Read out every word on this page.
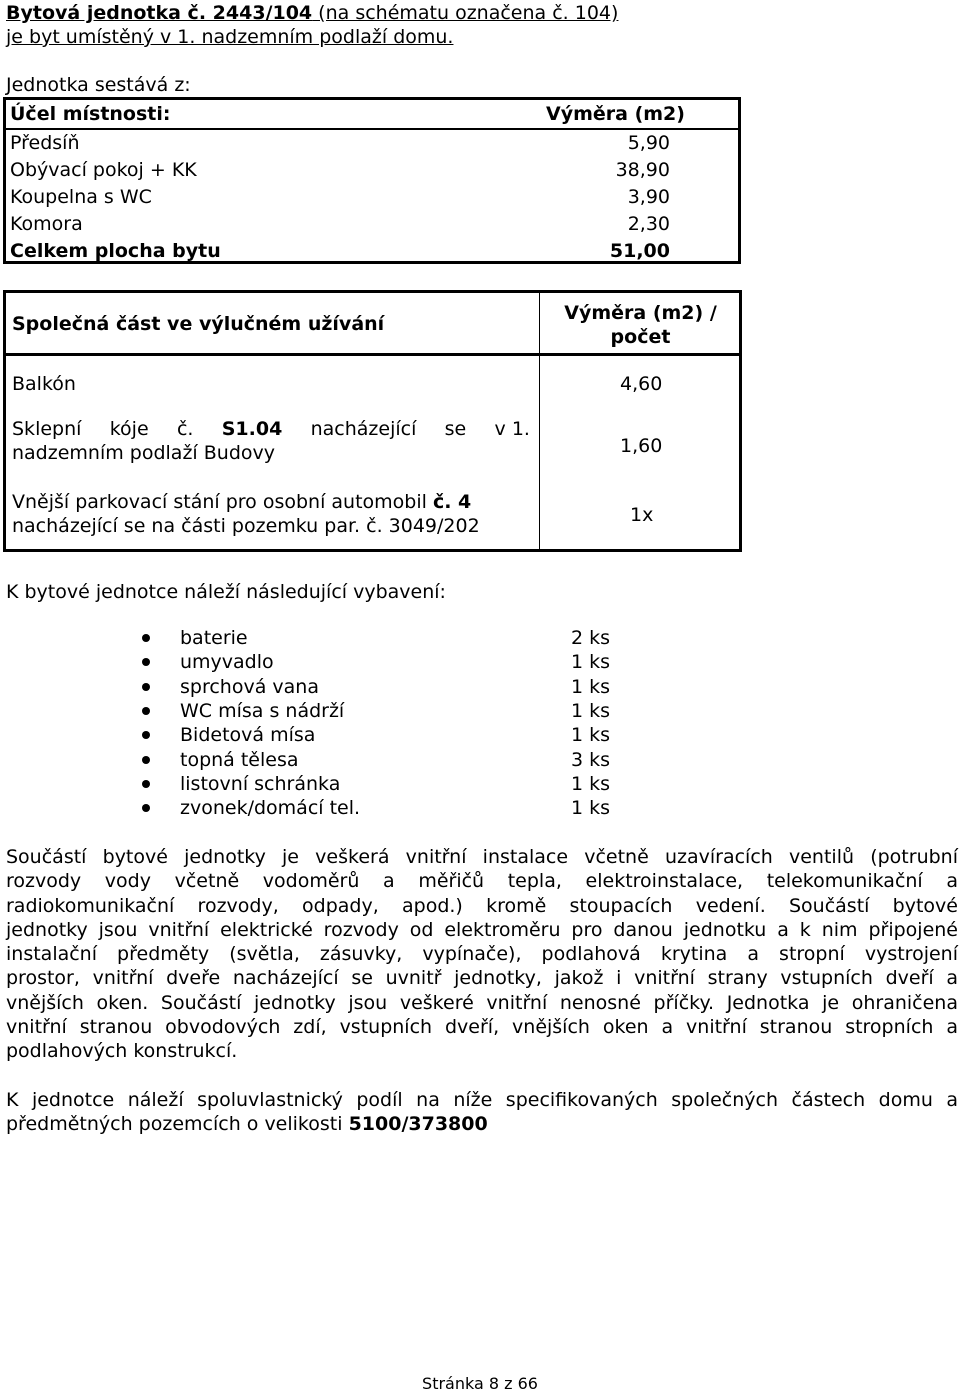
Bytová jednotka č. 2443/104 (na schématu označena č. 104)
je byt umístěný v 1. nadzemním podlaží domu.
Jednotka sestává z:
Účel místnosti:	Výměra (m2)
Předsíň	5,90
Obývací pokoj + KK	38,90
Koupelna s WC	3,90
Komora	2,30
Celkem plocha bytu	51,00
Společná část ve výlučném užívání	Výměra (m2) /
počet
Balkón	4,60
Sklepní kóje č. S1.04 nacházející se v 1.
nadzemním podlaží Budovy	1,60
Vnější parkovací stání pro osobní automobil č. 4
nacházející se na části pozemku par. č. 3049/202	1x
K bytové jednotce náleží následující vybavení:
baterie	2 ks
umyvadlo	1 ks
sprchová vana	1 ks
WC mísa s nádrží	1 ks
Bidetová mísa	1 ks
topná tělesa	3 ks
listovní schránka	1 ks
zvonek/domácí tel.	1 ks
Součástí bytové jednotky je veškerá vnitřní instalace včetně uzavíracích ventilů (potrubní
rozvody vody včetně vodoměrů a měřičů tepla, elektroinstalace, telekomunikační a
radiokomunikační rozvody, odpady, apod.) kromě stoupacích vedení. Součástí bytové
jednotky jsou vnitřní elektrické rozvody od elektroměru pro danou jednotku a k nim připojené
instalační předměty (světla, zásuvky, vypínače), podlahová krytina a stropní vystrojení
prostor, vnitřní dveře nacházející se uvnitř jednotky, jakož i vnitřní strany vstupních dveří a
vnějších oken. Součástí jednotky jsou veškeré vnitřní nenosné příčky. Jednotka je ohraničena
vnitřní stranou obvodových zdí, vstupních dveří, vnějších oken a vnitřní stranou stropních a
podlahových konstrukcí.
K jednotce náleží spoluvlastnický podíl na níže specifikovaných společných částech domu a
předmětných pozemcích o velikosti 5100/373800
Stránka 8 z 66
